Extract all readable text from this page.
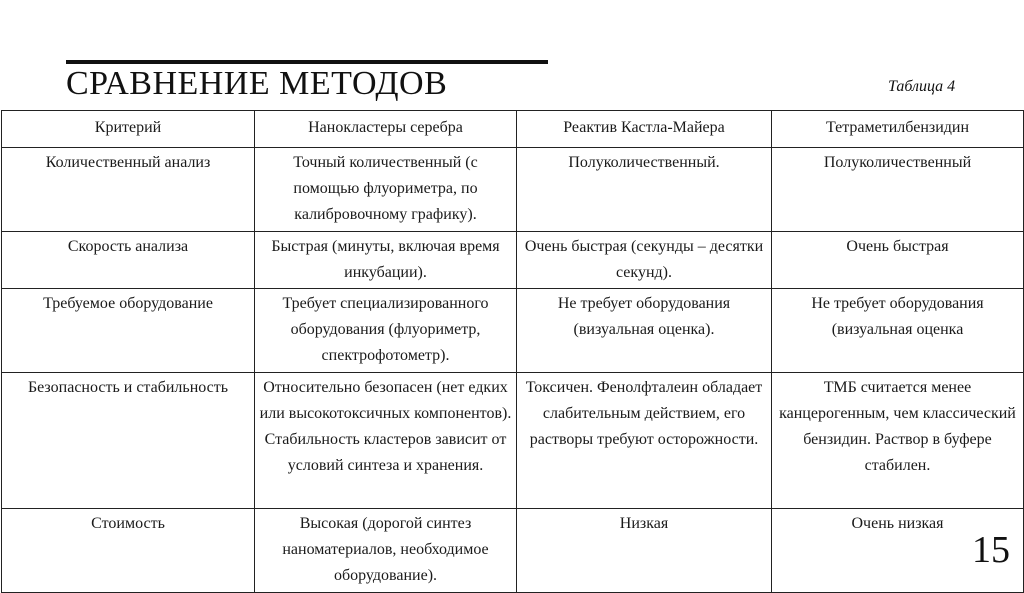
СРАВНЕНИЕ МЕТОДОВ	Таблица 4
Критерий	Нанокластеры серебра	Реактив Кастла-Майера	Тетраметилбензидин
Количественный анализ	Точный количественный (с помощью флуориметра, по калибровочному графику).	Полуколичественный.	Полуколичественный
Скорость анализа	Быстрая (минуты, включая время инкубации).	Очень быстрая (секунды – десятки секунд).	Очень быстрая
Требуемое оборудование	Требует специализированного оборудования (флуориметр, спектрофотометр).	Не требует оборудования (визуальная оценка).	Не требует оборудования (визуальная оценка
Безопасность и стабильность	Относительно безопасен (нет едких или высокотоксичных компонентов). Стабильность кластеров зависит от условий синтеза и хранения.	Токсичен. Фенолфталеин обладает слабительным действием, его растворы требуют осторожности.	ТМБ считается менее канцерогенным, чем классический бензидин. Раствор в буфере стабилен.
Стоимость	Высокая (дорогой синтез наноматериалов, необходимое оборудование).	Низкая	Очень низкая
15
